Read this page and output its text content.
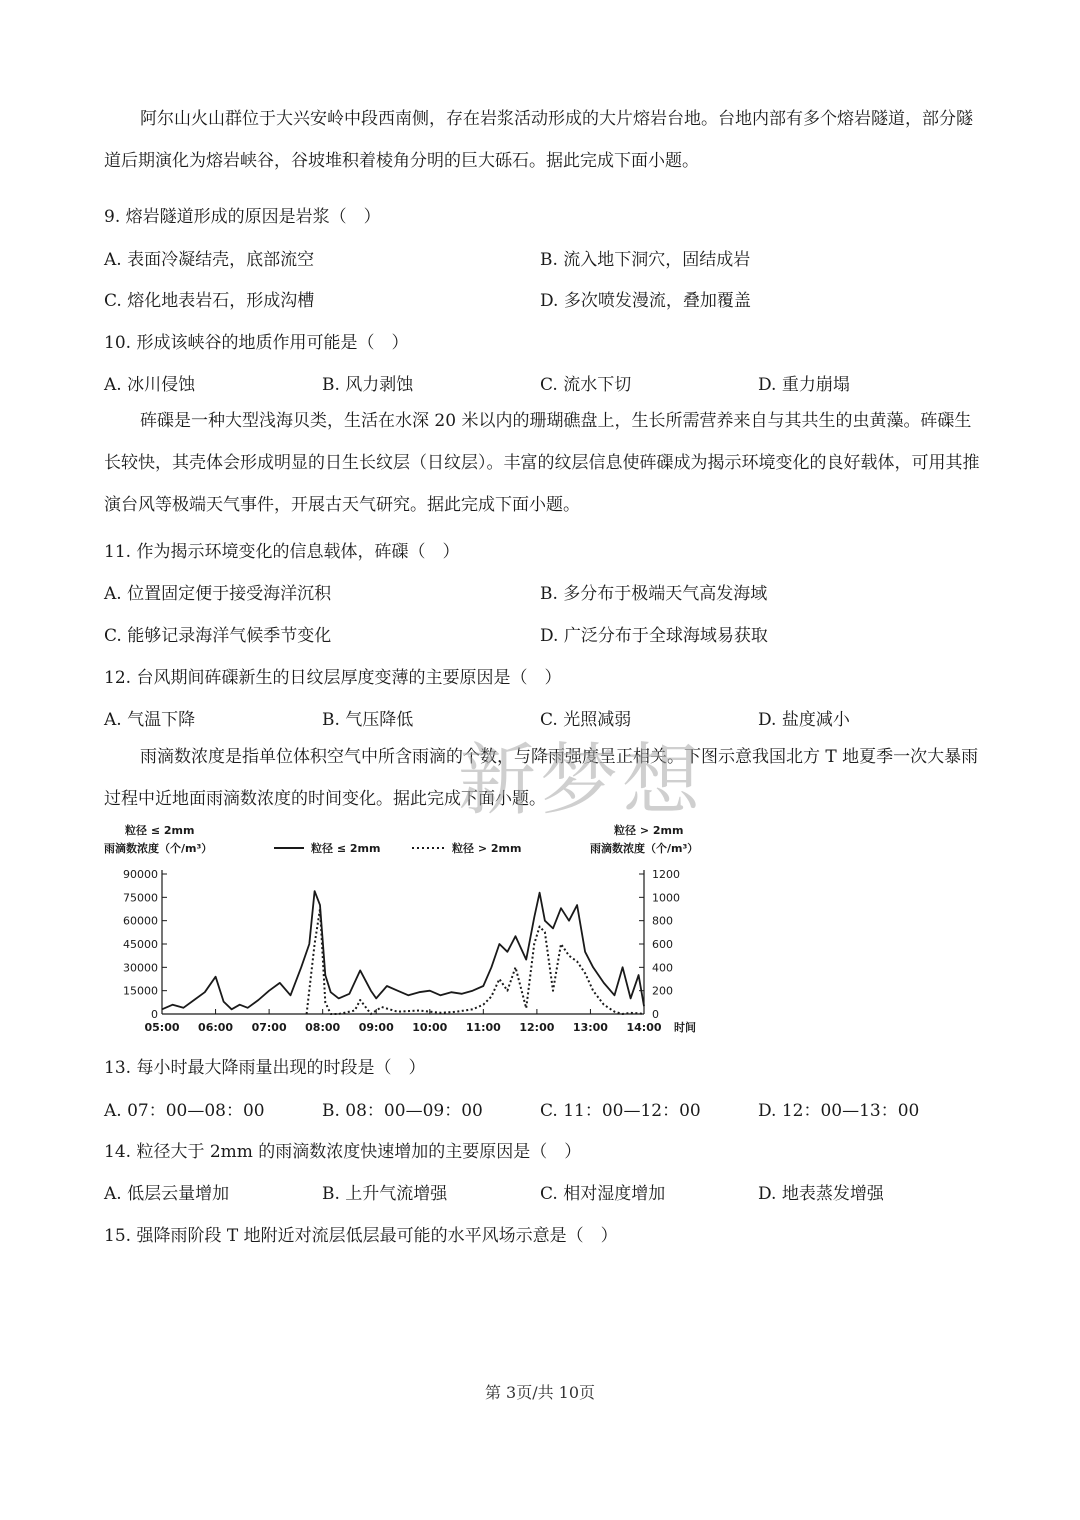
阿尔山火山群位于大兴安岭中段西南侧，存在岩浆活动形成的大片熔岩台地。台地内部有多个熔岩隧道，部分隧道后期演化为熔岩峡谷，谷坡堆积着棱角分明的巨大砾石。据此完成下面小题。

9. 熔岩隧道形成的原因是岩浆（　）
A. 表面冷凝结壳，底部流空	B. 流入地下洞穴，固结成岩
C. 熔化地表岩石，形成沟槽	D. 多次喷发漫流，叠加覆盖
10. 形成该峡谷的地质作用可能是（　）
A. 冰川侵蚀	B. 风力剥蚀	C. 流水下切	D. 重力崩塌

砗磲是一种大型浅海贝类，生活在水深 20 米以内的珊瑚礁盘上，生长所需营养来自与其共生的虫黄藻。砗磲生长较快，其壳体会形成明显的日生长纹层（日纹层）。丰富的纹层信息使砗磲成为揭示环境变化的良好载体，可用其推演台风等极端天气事件，开展古天气研究。据此完成下面小题。

11. 作为揭示环境变化的信息载体，砗磲（　）
A. 位置固定便于接受海洋沉积	B. 多分布于极端天气高发海域
C. 能够记录海洋气候季节变化	D. 广泛分布于全球海域易获取
12. 台风期间砗磲新生的日纹层厚度变薄的主要原因是（　）
A. 气温下降	B. 气压降低	C. 光照减弱	D. 盐度减小

雨滴数浓度是指单位体积空气中所含雨滴的个数，与降雨强度呈正相关。下图示意我国北方 T 地夏季一次大暴雨过程中近地面雨滴数浓度的时间变化。据此完成下面小题。

新梦想
粒径 ≤ 2mm
雨滴数浓度（个/m³）
粒径 > 2mm
雨滴数浓度（个/m³）
粒径 ≤ 2mm	粒径 > 2mm
0
15000
30000
45000
60000
75000
90000
0
200
400
600
800
1000
1200
05:00 06:00 07:00 08:00 09:00 10:00 11:00 12:00 13:00 14:00 时间
13. 每小时最大降雨量出现的时段是（　）
A. 07：00—08：00	B. 08：00—09：00	C. 11：00—12：00	D. 12：00—13：00
14. 粒径大于 2mm 的雨滴数浓度快速增加的主要原因是（　）
A. 低层云量增加	B. 上升气流增强	C. 相对湿度增加	D. 地表蒸发增强
15. 强降雨阶段 T 地附近对流层低层最可能的水平风场示意是（　）
第 3页/共 10页
